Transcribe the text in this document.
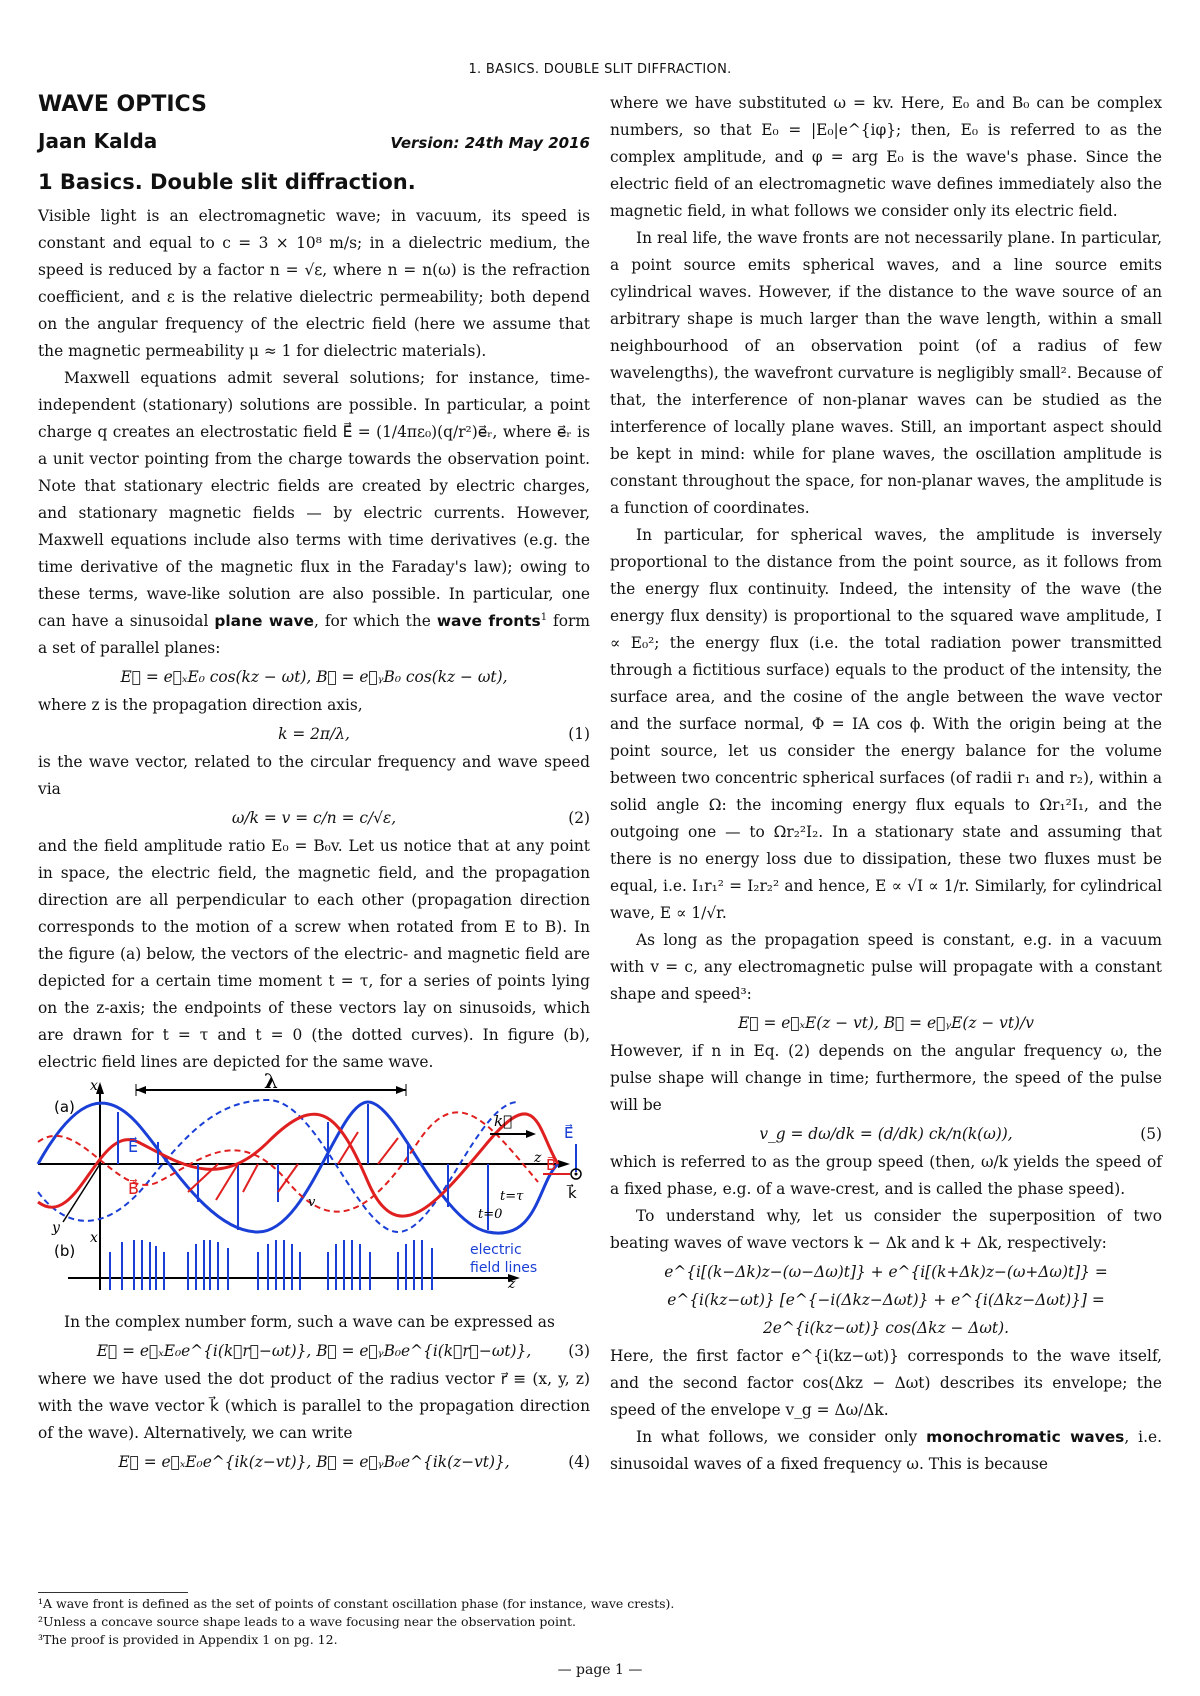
1. BASICS. DOUBLE SLIT DIFFRACTION.
WAVE OPTICS
Jaan Kalda	Version: 24th May 2016
1 Basics. Double slit diffraction.

Visible light is an electromagnetic wave; in vacuum, its speed is constant and equal to c = 3 × 10⁸ m/s; in a dielectric medium, the speed is reduced by a factor n = √ε, where n = n(ω) is the refraction coefficient, and ε is the relative dielectric permeability; both depend on the angular frequency of the electric field (here we assume that the magnetic permeability μ ≈ 1 for dielectric materials).

Maxwell equations admit several solutions; for instance, time-independent (stationary) solutions are possible. In particular, a point charge q creates an electrostatic field E⃗ = (1/4πε₀)(q/r²)e⃗ᵣ, where e⃗ᵣ is a unit vector pointing from the charge towards the observation point. Note that stationary electric fields are created by electric charges, and stationary magnetic fields — by electric currents. However, Maxwell equations include also terms with time derivatives (e.g. the time derivative of the magnetic flux in the Faraday's law); owing to these terms, wave-like solution are also possible. In particular, one can have a sinusoidal plane wave, for which the wave fronts$^1$ form a set of parallel planes:

E⃗ = e⃗ₓE₀ cos(kz − ωt), B⃗ = e⃗ᵧB₀ cos(kz − ωt),

where z is the propagation direction axis,

k = 2π/λ,	(1)

is the wave vector, related to the circular frequency and wave speed via

ω/k = v = c/n = c/√ε,	(2)

and the field amplitude ratio E₀ = B₀v. Let us notice that at any point in space, the electric field, the magnetic field, and the propagation direction are all perpendicular to each other (propagation direction corresponds to the motion of a screw when rotated from E to B). In the figure (a) below, the vectors of the electric- and magnetic field are depicted for a certain time moment t = τ, for a series of points lying on the z-axis; the endpoints of these vectors lay on sinusoids, which are drawn for t = τ and t = 0 (the dotted curves). In figure (b), electric field lines are depicted for the same wave.

λ
(a)
x
y
z
E⃗
B⃗
v
t=0
t=τ
k⃗
E⃗
B⃗
k⃗
(b)
x
z
electric
field lines

In the complex number form, such a wave can be expressed as

E⃗ = e⃗ₓE₀e^{i(k⃗r⃗−ωt)}, B⃗ = e⃗ᵧB₀e^{i(k⃗r⃗−ωt)}, (3)

where we have used the dot product of the radius vector r⃗ ≡ (x, y, z) with the wave vector k⃗ (which is parallel to the propagation direction of the wave). Alternatively, we can write

E⃗ = e⃗ₓE₀e^{ik(z−vt)}, B⃗ = e⃗ᵧB₀e^{ik(z−vt)},	(4)

where we have substituted ω = kv. Here, E₀ and B₀ can be complex numbers, so that E₀ = |E₀|e^{iφ}; then, E₀ is referred to as the complex amplitude, and φ = arg E₀ is the wave's phase. Since the electric field of an electromagnetic wave defines immediately also the magnetic field, in what follows we consider only its electric field.

In real life, the wave fronts are not necessarily plane. In particular, a point source emits spherical waves, and a line source emits cylindrical waves. However, if the distance to the wave source of an arbitrary shape is much larger than the wave length, within a small neighbourhood of an observation point (of a radius of few wavelengths), the wavefront curvature is negligibly small². Because of that, the interference of non-planar waves can be studied as the interference of locally plane waves. Still, an important aspect should be kept in mind: while for plane waves, the oscillation amplitude is constant throughout the space, for non-planar waves, the amplitude is a function of coordinates.

In particular, for spherical waves, the amplitude is inversely proportional to the distance from the point source, as it follows from the energy flux continuity. Indeed, the intensity of the wave (the energy flux density) is proportional to the squared wave amplitude, I ∝ E₀²; the energy flux (i.e. the total radiation power transmitted through a fictitious surface) equals to the product of the intensity, the surface area, and the cosine of the angle between the wave vector and the surface normal, Φ = IA cos ϕ. With the origin being at the point source, let us consider the energy balance for the volume between two concentric spherical surfaces (of radii r₁ and r₂), within a solid angle Ω: the incoming energy flux equals to Ωr₁²I₁, and the outgoing one — to Ωr₂²I₂. In a stationary state and assuming that there is no energy loss due to dissipation, these two fluxes must be equal, i.e. I₁r₁² = I₂r₂² and hence, E ∝ √I ∝ 1/r. Similarly, for cylindrical wave, E ∝ 1/√r.

As long as the propagation speed is constant, e.g. in a vacuum with v = c, any electromagnetic pulse will propagate with a constant shape and speed³:

E⃗ = e⃗ₓE(z − vt), B⃗ = e⃗ᵧE(z − vt)/v

However, if n in Eq. (2) depends on the angular frequency ω, the pulse shape will change in time; furthermore, the speed of the pulse will be

v_g = dω/dk = (d/dk) ck/n(k(ω)),	(5)

which is referred to as the group speed (then, ω/k yields the speed of a fixed phase, e.g. of a wave-crest, and is called the phase speed).

To understand why, let us consider the superposition of two beating waves of wave vectors k − Δk and k + Δk, respectively:

e^{i[(k−Δk)z−(ω−Δω)t]} + e^{i[(k+Δk)z−(ω+Δω)t]} =
e^{i(kz−ωt)} [e^{−i(Δkz−Δωt)} + e^{i(Δkz−Δωt)}] =
2e^{i(kz−ωt)} cos(Δkz − Δωt).

Here, the first factor e^{i(kz−ωt)} corresponds to the wave itself, and the second factor cos(Δkz − Δωt) describes its envelope; the speed of the envelope v_g = Δω/Δk.

In what follows, we consider only monochromatic waves, i.e. sinusoidal waves of a fixed frequency ω. This is because

¹A wave front is defined as the set of points of constant oscillation phase (for instance, wave crests).
²Unless a concave source shape leads to a wave focusing near the observation point.
³The proof is provided in Appendix 1 on pg. 12.
— page 1 —
